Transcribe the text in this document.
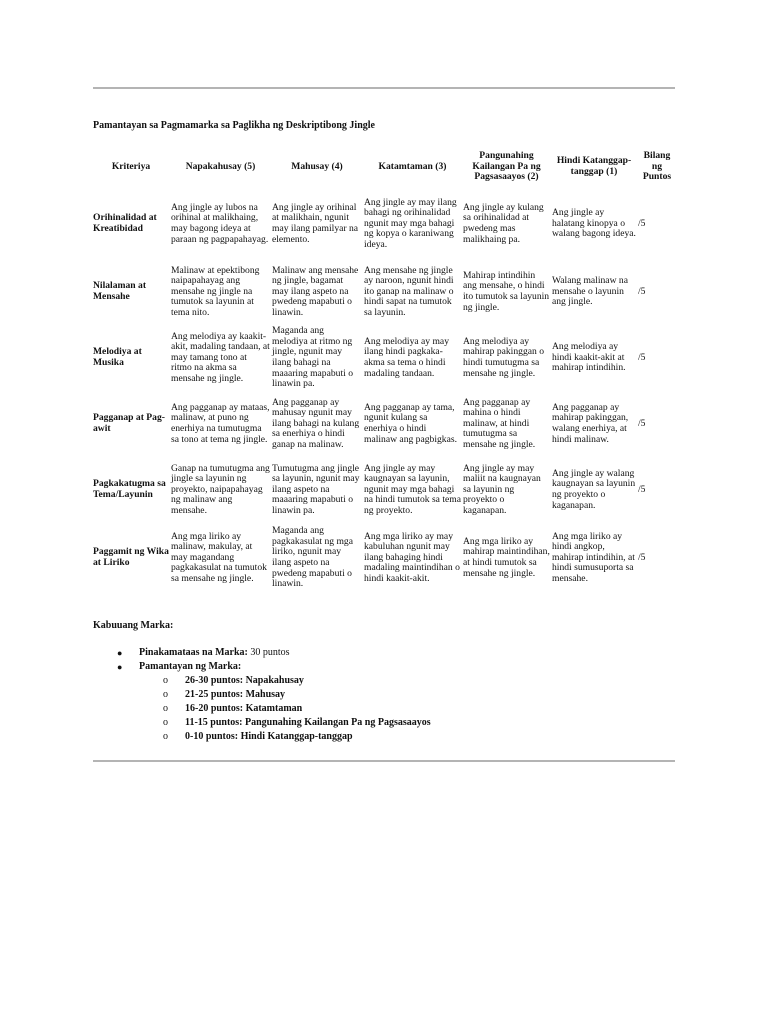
Pamantayan sa Pagmamarka sa Paglikha ng Deskriptibong Jingle
Kriteriya	Napakahusay (5)	Mahusay (4)	Katamtaman (3)	Pangunahing Kailangan Pa ng Pagsasaayos (2)	Hindi Katanggap-tanggap (1)	Bilang ng Puntos
Orihinalidad at Kreatibidad	Ang jingle ay lubos na orihinal at malikhaing, may bagong ideya at paraan ng pagpapahayag.	Ang jingle ay orihinal at malikhain, ngunit may ilang pamilyar na elemento.	Ang jingle ay may ilang bahagi ng orihinalidad ngunit may mga bahagi ng kopya o karaniwang ideya.	Ang jingle ay kulang sa orihinalidad at pwedeng mas malikhaing pa.	Ang jingle ay halatang kinopya o walang bagong ideya.	/5
Nilalaman at Mensahe	Malinaw at epektibong naipapahayag ang mensahe ng jingle na tumutok sa layunin at tema nito.	Malinaw ang mensahe ng jingle, bagamat may ilang aspeto na pwedeng mapabuti o linawin.	Ang mensahe ng jingle ay naroon, ngunit hindi ito ganap na malinaw o hindi sapat na tumutok sa layunin.	Mahirap intindihin ang mensahe, o hindi ito tumutok sa layunin ng jingle.	Walang malinaw na mensahe o layunin ang jingle.	/5
Melodiya at Musika	Ang melodiya ay kaakit-akit, madaling tandaan, at may tamang tono at ritmo na akma sa mensahe ng jingle.	Maganda ang melodiya at ritmo ng jingle, ngunit may ilang bahagi na maaaring mapabuti o linawin pa.	Ang melodiya ay may ilang hindi pagkaka-akma sa tema o hindi madaling tandaan.	Ang melodiya ay mahirap pakinggan o hindi tumutugma sa mensahe ng jingle.	Ang melodiya ay hindi kaakit-akit at mahirap intindihin.	/5
Pagganap at Pag-awit	Ang pagganap ay mataas, malinaw, at puno ng enerhiya na tumutugma sa tono at tema ng jingle.	Ang pagganap ay mahusay ngunit may ilang bahagi na kulang sa enerhiya o hindi ganap na malinaw.	Ang pagganap ay tama, ngunit kulang sa enerhiya o hindi malinaw ang pagbigkas.	Ang pagganap ay mahina o hindi malinaw, at hindi tumutugma sa mensahe ng jingle.	Ang pagganap ay mahirap pakinggan, walang enerhiya, at hindi malinaw.	/5
Pagkakatugma sa Tema/Layunin	Ganap na tumutugma ang jingle sa layunin ng proyekto, naipapahayag ng malinaw ang mensahe.	Tumutugma ang jingle sa layunin, ngunit may ilang aspeto na maaaring mapabuti o linawin pa.	Ang jingle ay may kaugnayan sa layunin, ngunit may mga bahagi na hindi tumutok sa tema ng proyekto.	Ang jingle ay may maliit na kaugnayan sa layunin ng proyekto o kaganapan.	Ang jingle ay walang kaugnayan sa layunin ng proyekto o kaganapan.	/5
Paggamit ng Wika at Liriko	Ang mga liriko ay malinaw, makulay, at may magandang pagkakasulat na tumutok sa mensahe ng jingle.	Maganda ang pagkakasulat ng mga liriko, ngunit may ilang aspeto na pwedeng mapabuti o linawin.	Ang mga liriko ay may kabuluhan ngunit may ilang bahaging hindi madaling maintindihan o hindi kaakit-akit.	Ang mga liriko ay mahirap maintindihan, at hindi tumutok sa mensahe ng jingle.	Ang mga liriko ay hindi angkop, mahirap intindihin, at hindi sumusuporta sa mensahe.	/5
Kabuuang Marka:
● Pinakamataas na Marka: 30 puntos
● Pamantayan ng Marka:
o 26-30 puntos: Napakahusay
o 21-25 puntos: Mahusay
o 16-20 puntos: Katamtaman
o 11-15 puntos: Pangunahing Kailangan Pa ng Pagsasaayos
o 0-10 puntos: Hindi Katanggap-tanggap
